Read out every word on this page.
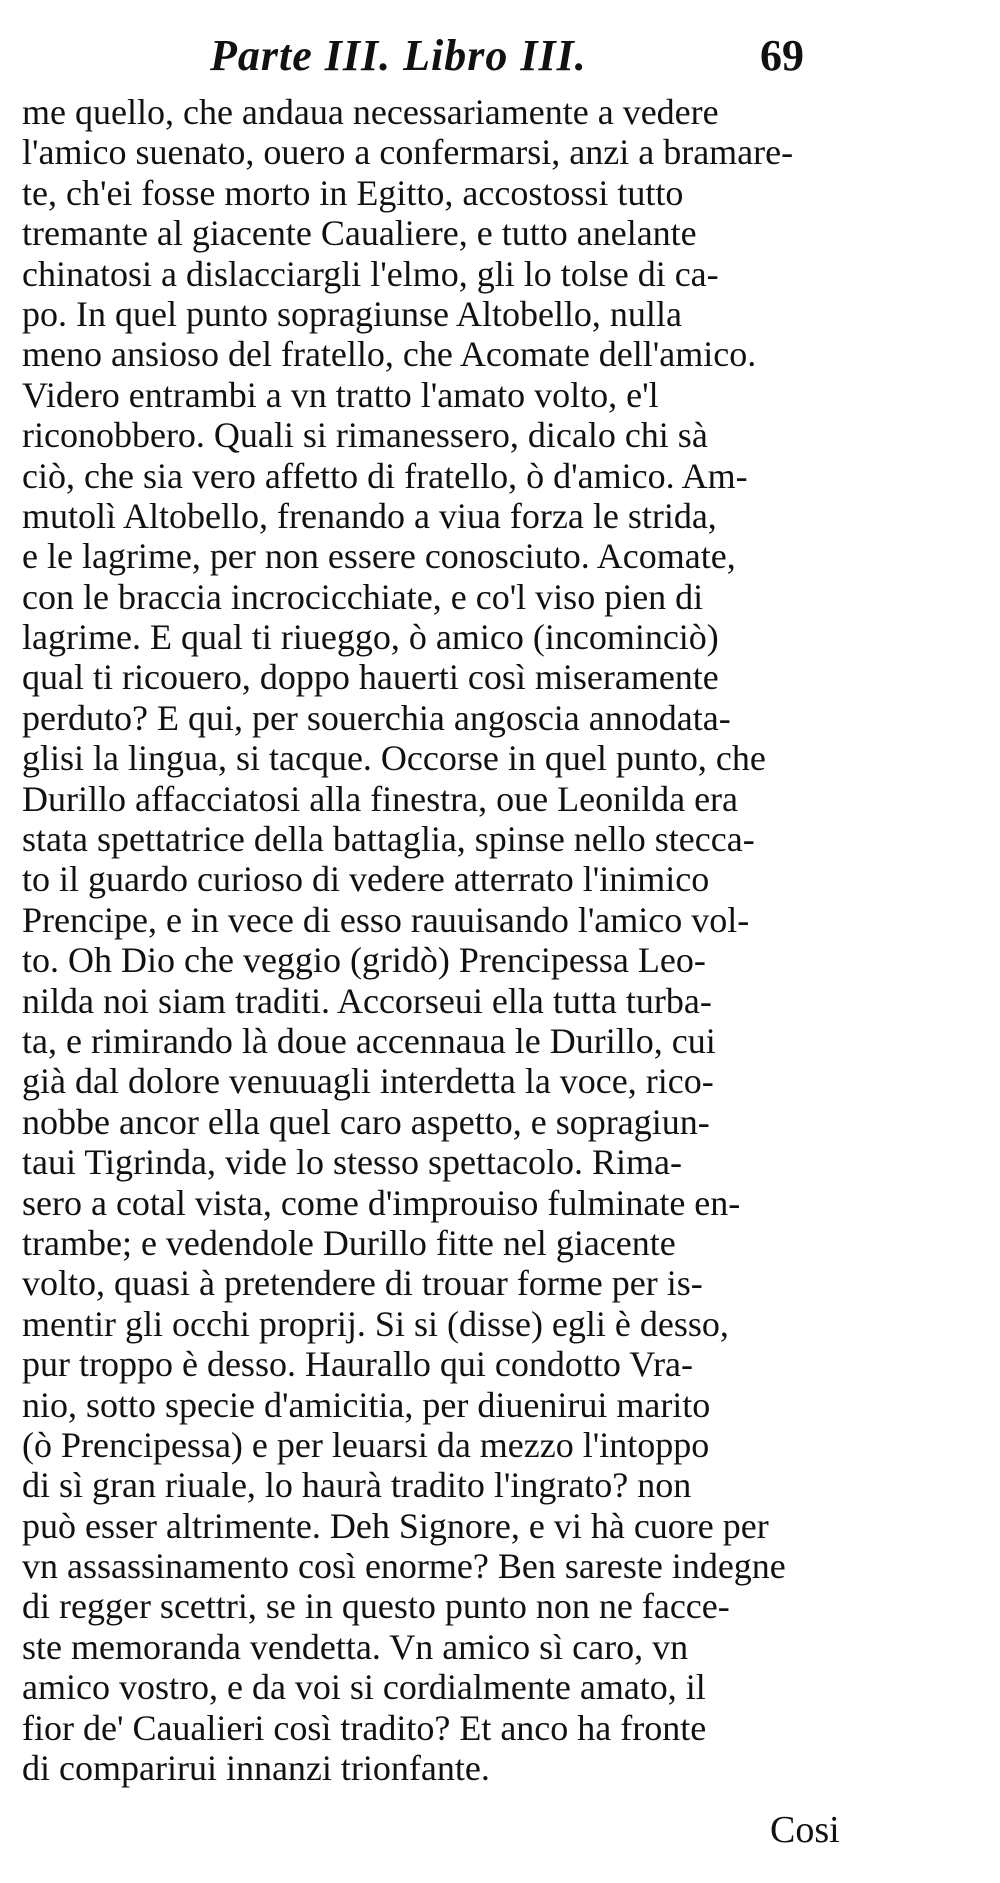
Parte III. Libro III.	69
me quello, che andaua necessariamente a vedere
l'amico suenato, ouero a confermarsi, anzi a bramare-
te, ch'ei fosse morto in Egitto, accostossi tutto
tremante al giacente Caualiere, e tutto anelante
chinatosi a dislacciargli l'elmo, gli lo tolse di ca-
po. In quel punto sopragiunse Altobello, nulla
meno ansioso del fratello, che Acomate dell'amico.
Videro entrambi a vn tratto l'amato volto, e'l
riconobbero. Quali si rimanessero, dicalo chi sà
ciò, che sia vero affetto di fratello, ò d'amico. Am-
mutolì Altobello, frenando a viua forza le strida,
e le lagrime, per non essere conosciuto. Acomate,
con le braccia incrocicchiate, e co'l viso pien di
lagrime. E qual ti riueggo, ò amico (incominciò)
qual ti ricouero, doppo hauerti così miseramente
perduto? E qui, per souerchia angoscia annodata-
glisi la lingua, si tacque. Occorse in quel punto, che
Durillo affacciatosi alla finestra, oue Leonilda era
stata spettatrice della battaglia, spinse nello stecca-
to il guardo curioso di vedere atterrato l'inimico
Prencipe, e in vece di esso rauuisando l'amico vol-
to. Oh Dio che veggio (gridò) Prencipessa Leo-
nilda noi siam traditi. Accorseui ella tutta turba-
ta, e rimirando là doue accennaua le Durillo, cui
già dal dolore venuuagli interdetta la voce, rico-
nobbe ancor ella quel caro aspetto, e sopragiun-
taui Tigrinda, vide lo stesso spettacolo. Rima-
sero a cotal vista, come d'improuiso fulminate en-
trambe; e vedendole Durillo fitte nel giacente
volto, quasi à pretendere di trouar forme per is-
mentir gli occhi proprij. Si si (disse) egli è desso,
pur troppo è desso. Haurallo qui condotto Vra-
nio, sotto specie d'amicitia, per diuenirui marito
(ò Prencipessa) e per leuarsi da mezzo l'intoppo
di sì gran riuale, lo haurà tradito l'ingrato? non
può esser altrimente. Deh Signore, e vi hà cuore per
vn assassinamento così enorme? Ben sareste indegne
di regger scettri, se in questo punto non ne facce-
ste memoranda vendetta. Vn amico sì caro, vn
amico vostro, e da voi si cordialmente amato, il
fior de' Caualieri così tradito? Et anco ha fronte
di comparirui innanzi trionfante.
Cosi
